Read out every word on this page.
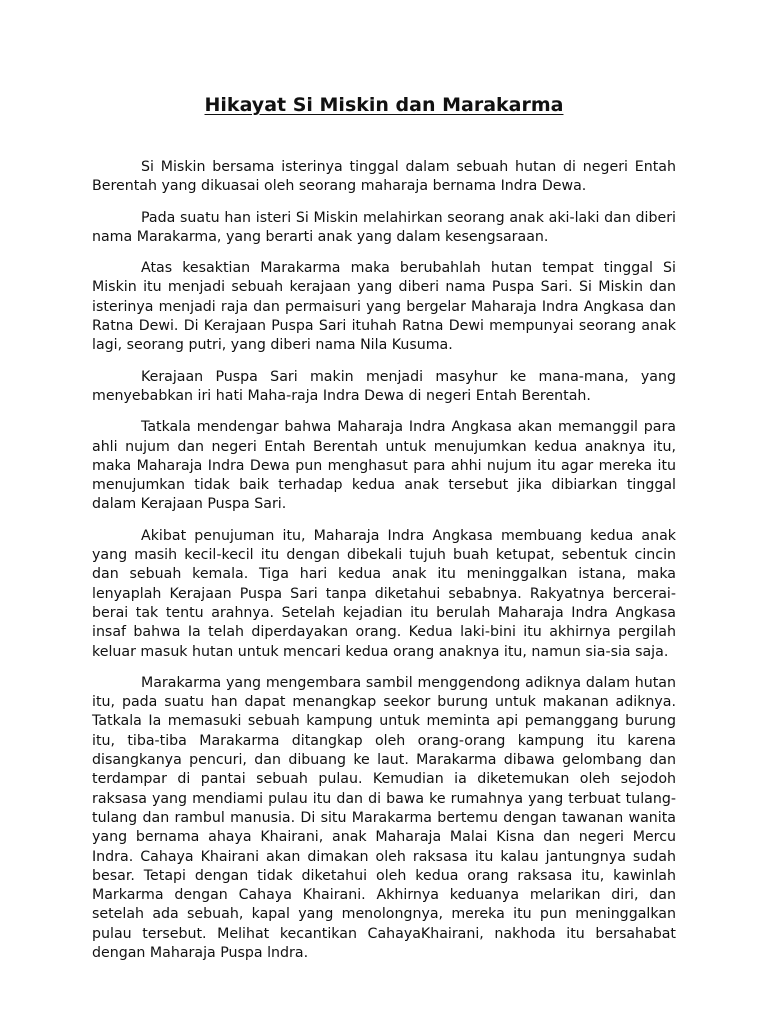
Hikayat Si Miskin dan Marakarma

Si Miskin bersama isterinya tinggal dalam sebuah hutan di negeri Entah Berentah yang dikuasai oleh seorang maharaja bernama Indra Dewa.

Pada suatu han isteri Si Miskin melahirkan seorang anak aki-laki dan diberi nama Marakarma, yang berarti anak yang dalam kesengsaraan.

Atas kesaktian Marakarma maka berubahlah hutan tempat tinggal Si Miskin itu menjadi sebuah kerajaan yang diberi nama Puspa Sari. Si Miskin dan isterinya menjadi raja dan permaisuri yang bergelar Maharaja Indra Angkasa dan Ratna Dewi. Di Kerajaan Puspa Sari ituhah Ratna Dewi mempunyai seorang anak lagi, seorang putri, yang diberi nama Nila Kusuma.

Kerajaan Puspa Sari makin menjadi masyhur ke mana-mana, yang menyebabkan iri hati Maha-raja Indra Dewa di negeri Entah Berentah.

Tatkala mendengar bahwa Maharaja Indra Angkasa akan memanggil para ahli nujum dan negeri Entah Berentah untuk menujumkan kedua anaknya itu, maka Maharaja Indra Dewa pun menghasut para ahhi nujum itu agar mereka itu menujumkan tidak baik terhadap kedua anak tersebut jika dibiarkan tinggal dalam Kerajaan Puspa Sari.

Akibat penujuman itu, Maharaja Indra Angkasa membuang kedua anak yang masih kecil-kecil itu dengan dibekali tujuh buah ketupat, sebentuk cincin dan sebuah kemala. Tiga hari kedua anak itu meninggalkan istana, maka lenyaplah Kerajaan Puspa Sari tanpa diketahui sebabnya. Rakyatnya bercerai-berai tak tentu arahnya. Setelah kejadian itu berulah Maharaja Indra Angkasa insaf bahwa Ia telah diperdayakan orang. Kedua laki-bini itu akhirnya pergilah keluar masuk hutan untuk mencari kedua orang anaknya itu, namun sia-sia saja.

Marakarma yang mengembara sambil menggendong adiknya dalam hutan itu, pada suatu han dapat menangkap seekor burung untuk makanan adiknya. Tatkala Ia memasuki sebuah kampung untuk meminta api pemanggang burung itu, tiba-tiba Marakarma ditangkap oleh orang-orang kampung itu karena disangkanya pencuri, dan dibuang ke laut. Marakarma dibawa gelombang dan terdampar di pantai sebuah pulau. Kemudian ia diketemukan oleh sejodoh raksasa yang mendiami pulau itu dan di bawa ke rumahnya yang terbuat tulang-tulang dan rambul manusia. Di situ Marakarma bertemu dengan tawanan wanita yang bernama ahaya Khairani, anak Maharaja Malai Kisna dan negeri Mercu Indra. Cahaya Khairani akan dimakan oleh raksasa itu kalau jantungnya sudah besar. Tetapi dengan tidak diketahui oleh kedua orang raksasa itu, kawinlah Markarma dengan Cahaya Khairani. Akhirnya keduanya melarikan diri, dan setelah ada sebuah, kapal yang menolongnya, mereka itu pun meninggalkan pulau tersebut. Melihat kecantikan CahayaKhairani, nakhoda itu bersahabat dengan Maharaja Puspa lndra.
